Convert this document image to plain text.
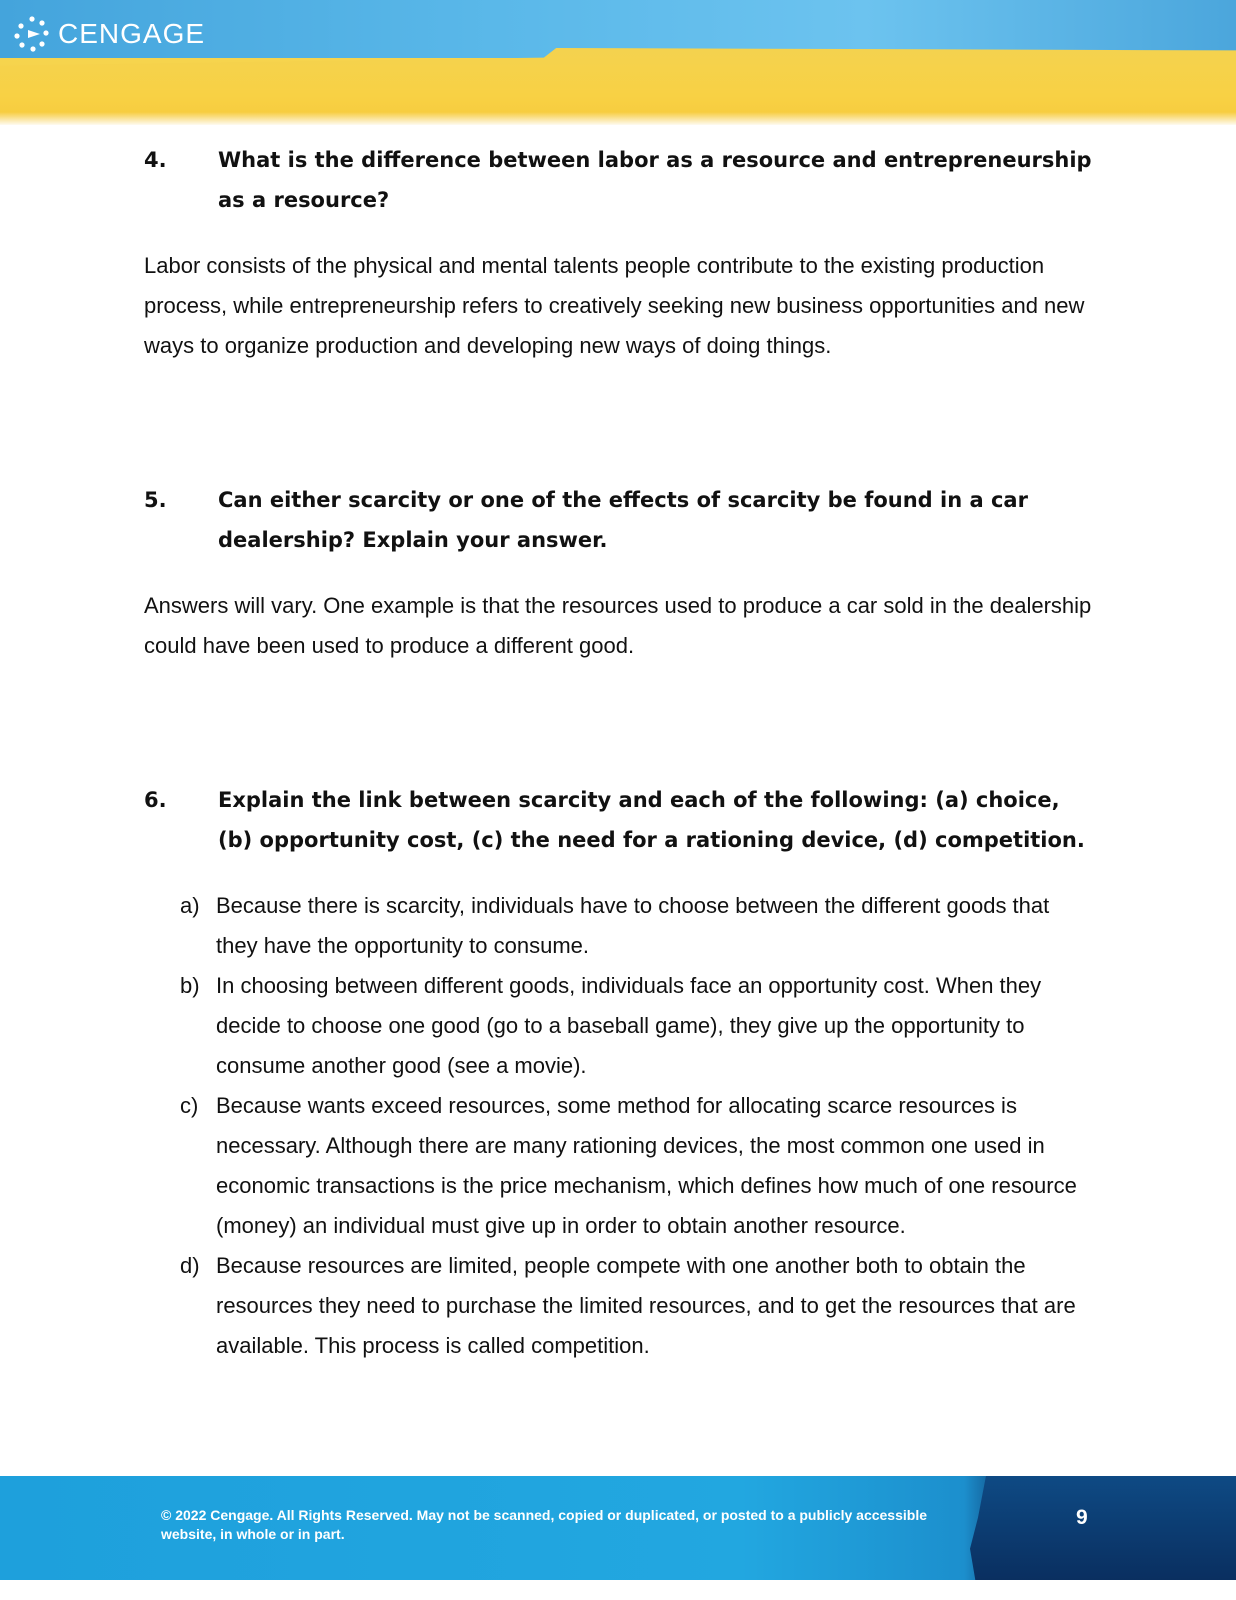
CENGAGE
4. What is the difference between labor as a resource and entrepreneurship as a resource?
Labor consists of the physical and mental talents people contribute to the existing production process, while entrepreneurship refers to creatively seeking new business opportunities and new ways to organize production and developing new ways of doing things.
5. Can either scarcity or one of the effects of scarcity be found in a car dealership? Explain your answer.
Answers will vary. One example is that the resources used to produce a car sold in the dealership could have been used to produce a different good.
6. Explain the link between scarcity and each of the following: (a) choice, (b) opportunity cost, (c) the need for a rationing device, (d) competition.
a) Because there is scarcity, individuals have to choose between the different goods that they have the opportunity to consume.
b) In choosing between different goods, individuals face an opportunity cost. When they decide to choose one good (go to a baseball game), they give up the opportunity to consume another good (see a movie).
c) Because wants exceed resources, some method for allocating scarce resources is necessary. Although there are many rationing devices, the most common one used in economic transactions is the price mechanism, which defines how much of one resource (money) an individual must give up in order to obtain another resource.
d) Because resources are limited, people compete with one another both to obtain the resources they need to purchase the limited resources, and to get the resources that are available. This process is called competition.
© 2022 Cengage. All Rights Reserved. May not be scanned, copied or duplicated, or posted to a publicly accessible website, in whole or in part.
9
